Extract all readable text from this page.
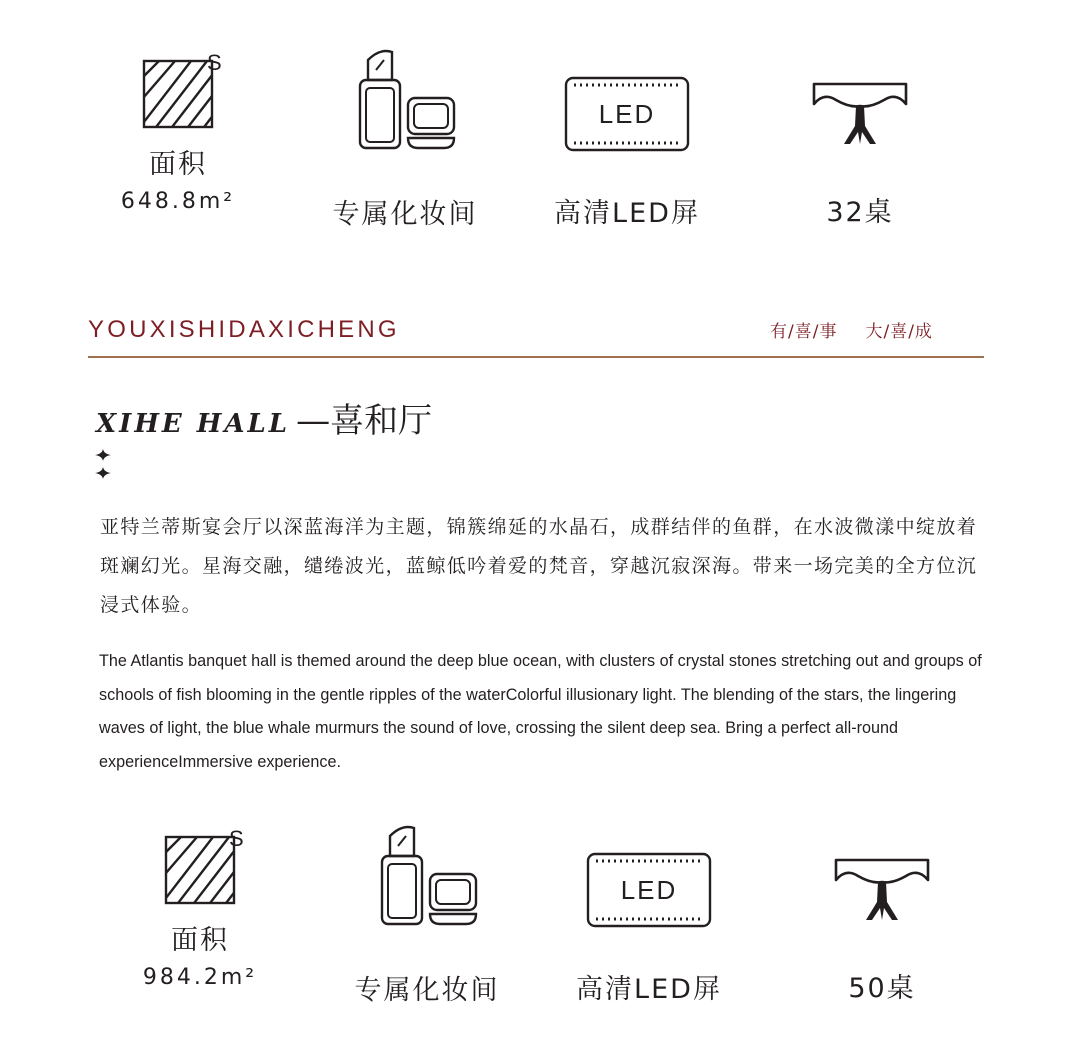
S
面积
648.8m²	专属化妆间
LED
高清LED屏	32桌
YOUXISHIDAXICHENG	有/喜/事 大/喜/成
XIHE HALL —喜和厅

亚特兰蒂斯宴会厅以深蓝海洋为主题，锦簇绵延的水晶石，成群结伴的鱼群，在水波微漾中绽放着斑斓幻光。星海交融，缱绻波光，蓝鲸低吟着爱的梵音，穿越沉寂深海。带来一场完美的全方位沉浸式体验。

The Atlantis banquet hall is themed around the deep blue ocean, with clusters of crystal stones stretching out and groups of schools of fish blooming in the gentle ripples of the waterColorful illusionary light. The blending of the stars, the lingering waves of light, the blue whale murmurs the sound of love, crossing the silent deep sea. Bring a perfect all-round experienceImmersive experience.

S
面积
984.2m²	专属化妆间
LED
高清LED屏	50桌
